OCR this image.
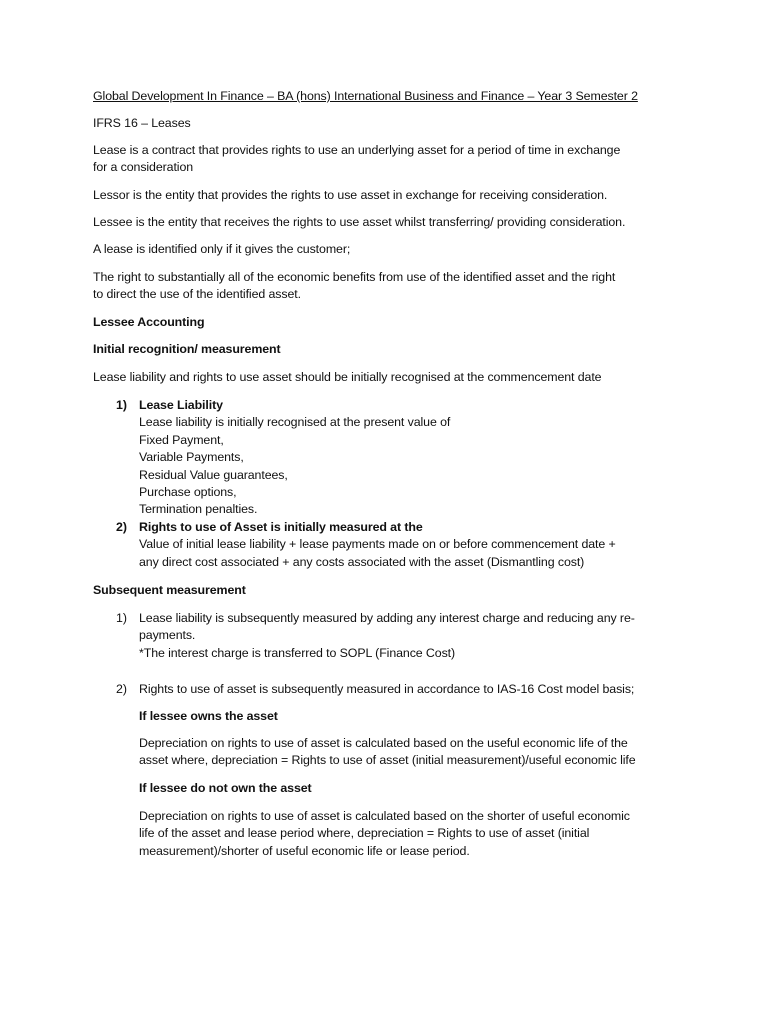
Global Development In Finance – BA (hons) International Business and Finance – Year 3 Semester 2

IFRS 16 – Leases

Lease is a contract that provides rights to use an underlying asset for a period of time in exchange
for a consideration

Lessor is the entity that provides the rights to use asset in exchange for receiving consideration.

Lessee is the entity that receives the rights to use asset whilst transferring/ providing consideration.

A lease is identified only if it gives the customer;

The right to substantially all of the economic benefits from use of the identified asset and the right
to direct the use of the identified asset.

Lessee Accounting

Initial recognition/ measurement

Lease liability and rights to use asset should be initially recognised at the commencement date

1) Lease Liability
Lease liability is initially recognised at the present value of
Fixed Payment,
Variable Payments,
Residual Value guarantees,
Purchase options,
Termination penalties.

2) Rights to use of Asset is initially measured at the
Value of initial lease liability + lease payments made on or before commencement date +
any direct cost associated + any costs associated with the asset (Dismantling cost)

Subsequent measurement

1) Lease liability is subsequently measured by adding any interest charge and reducing any re-
payments.
*The interest charge is transferred to SOPL (Finance Cost)

2) Rights to use of asset is subsequently measured in accordance to IAS-16 Cost model basis;

If lessee owns the asset

Depreciation on rights to use of asset is calculated based on the useful economic life of the
asset where, depreciation = Rights to use of asset (initial measurement)/useful economic life

If lessee do not own the asset

Depreciation on rights to use of asset is calculated based on the shorter of useful economic
life of the asset and lease period where, depreciation = Rights to use of asset (initial
measurement)/shorter of useful economic life or lease period.
